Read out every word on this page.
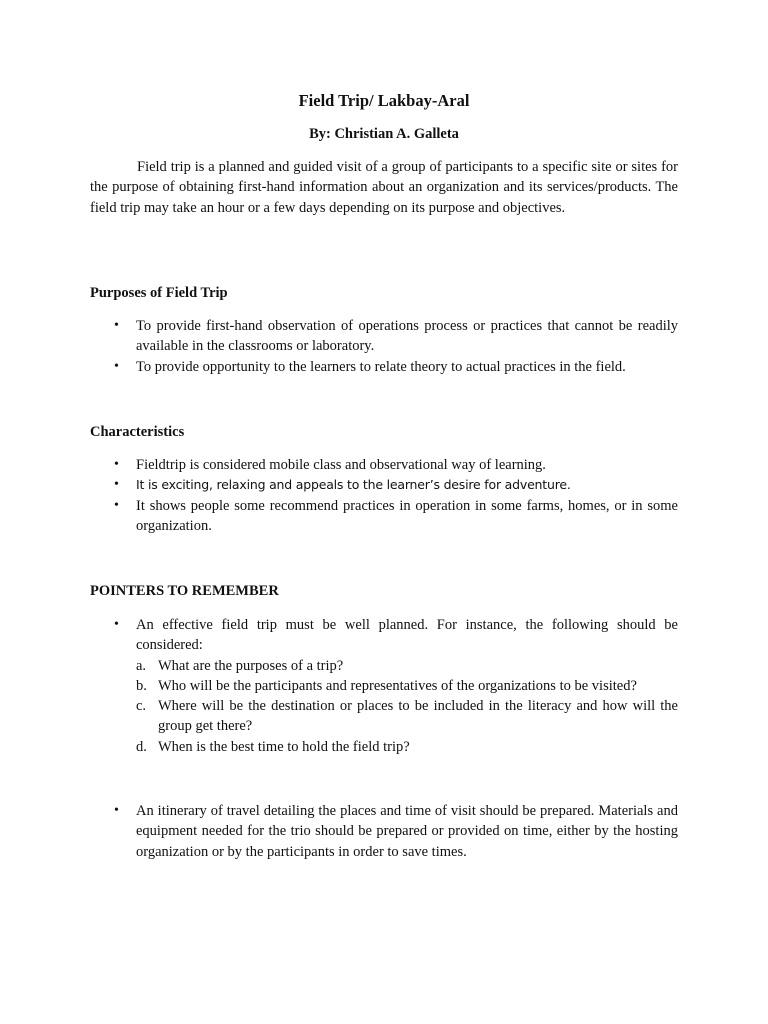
Field Trip/ Lakbay-Aral
By: Christian A. Galleta

Field trip is a planned and guided visit of a group of participants to a specific site or sites for the purpose of obtaining first-hand information about an organization and its services/products. The field trip may take an hour or a few days depending on its purpose and objectives.

Purposes of Field Trip
• To provide first-hand observation of operations process or practices that cannot be readily available in the classrooms or laboratory.
• To provide opportunity to the learners to relate theory to actual practices in the field.
Characteristics
• Fieldtrip is considered mobile class and observational way of learning.
• It is exciting, relaxing and appeals to the learner’s desire for adventure.
• It shows people some recommend practices in operation in some farms, homes, or in some organization.
POINTERS TO REMEMBER
• An effective field trip must be well planned. For instance, the following should be considered:
a. What are the purposes of a trip?
b. Who will be the participants and representatives of the organizations to be visited?
c. Where will be the destination or places to be included in the literacy and how will the group get there?
d. When is the best time to hold the field trip?
• An itinerary of travel detailing the places and time of visit should be prepared. Materials and equipment needed for the trio should be prepared or provided on time, either by the hosting organization or by the participants in order to save times.
